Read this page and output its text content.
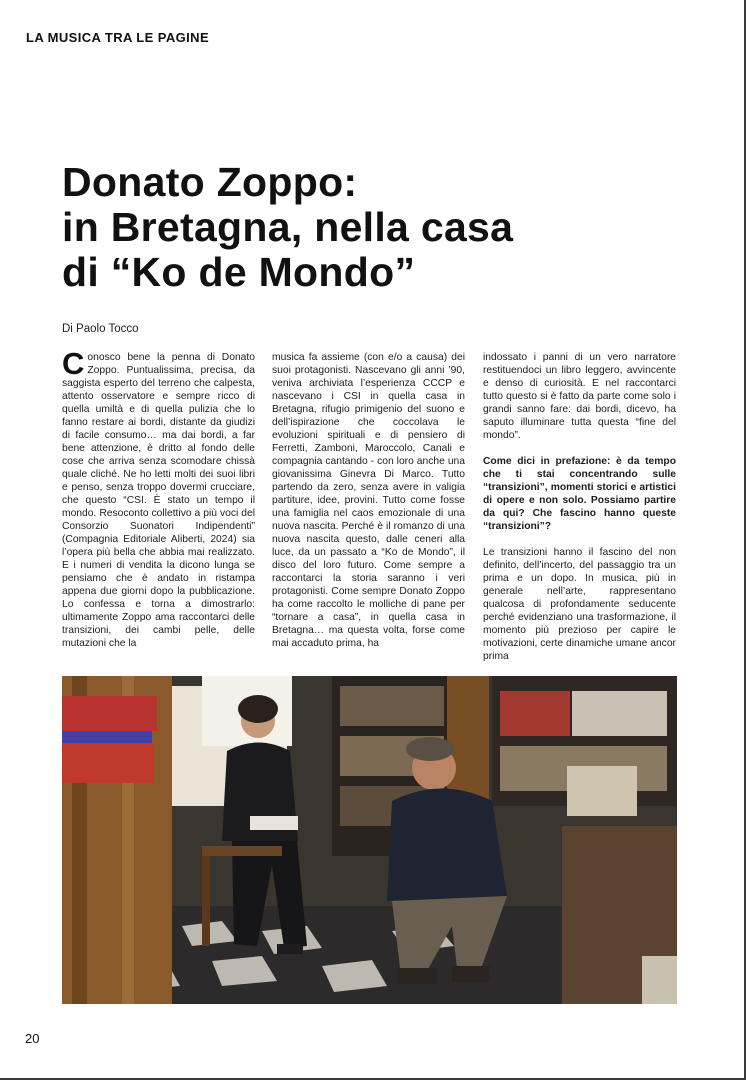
LA MUSICA TRA LE PAGINE
Donato Zoppo:
in Bretagna, nella casa
di “Ko de Mondo”
Di Paolo Tocco
Conosco bene la penna di Donato Zoppo. Puntualissima, precisa, da saggista esperto del terreno che calpesta, attento osservatore e sempre ricco di quella umiltà e di quella pulizia che lo fanno restare ai bordi, distante da giudizi di facile consumo… ma dai bordi, a far bene attenzione, è dritto al fondo delle cose che arriva senza scomodare chissà quale cliché. Ne ho letti molti dei suoi libri e penso, senza troppo dovermi crucciare, che questo “CSI. È stato un tempo il mondo. Resoconto collettivo a più voci del Consorzio Suonatori Indipendenti” (Compagnia Editoriale Aliberti, 2024) sia l’opera più bella che abbia mai realizzato. E i numeri di vendita la dicono lunga se pensiamo che è andato in ristampa appena due giorni dopo la pubblicazione. Lo confessa e torna a dimostrarlo: ultimamente Zoppo ama raccontarci delle transizioni, dei cambi pelle, delle mutazioni che la
musica fa assieme (con e/o a causa) dei suoi protagonisti. Nascevano gli anni ’90, veniva archiviata l’esperienza CCCP e nascevano i CSI in quella casa in Bretagna, rifugio primigenio del suono e dell’ispirazione che coccolava le evoluzioni spirituali e di pensiero di Ferretti, Zamboni, Maroccolo, Canali e compagnia cantando - con loro anche una giovanissima Ginevra Di Marco. Tutto partendo da zero, senza avere in valigia partiture, idee, provini. Tutto come fosse una famiglia nel caos emozionale di una nuova nascita. Perché è il romanzo di una nuova nascita questo, dalle ceneri alla luce, da un passato a “Ko de Mondo”, il disco del loro futuro. Come sempre a raccontarci la storia saranno i veri protagonisti. Come sempre Donato Zoppo ha come raccolto le molliche di pane per “tornare a casa”, in quella casa in Bretagna… ma questa volta, forse come mai accaduto prima, ha

indossato i panni di un vero narratore restituendoci un libro leggero, avvincente e denso di curiosità. E nel raccontarci tutto questo si è fatto da parte come solo i grandi sanno fare: dai bordi, dicevo, ha saputo illuminare tutta questa “fine del mondo”.

Come dici in prefazione: è da tempo che ti stai concentrando sulle “transizioni”, momenti storici e artistici di opere e non solo. Possiamo partire da qui? Che fascino hanno queste “transizioni”?

Le transizioni hanno il fascino del non definito, dell’incerto, del passaggio tra un prima e un dopo. In musica, più in generale nell’arte, rappresentano qualcosa di profondamente seducente perché evidenziano una trasformazione, il momento più prezioso per capire le motivazioni, certe dinamiche umane ancor prima

20
